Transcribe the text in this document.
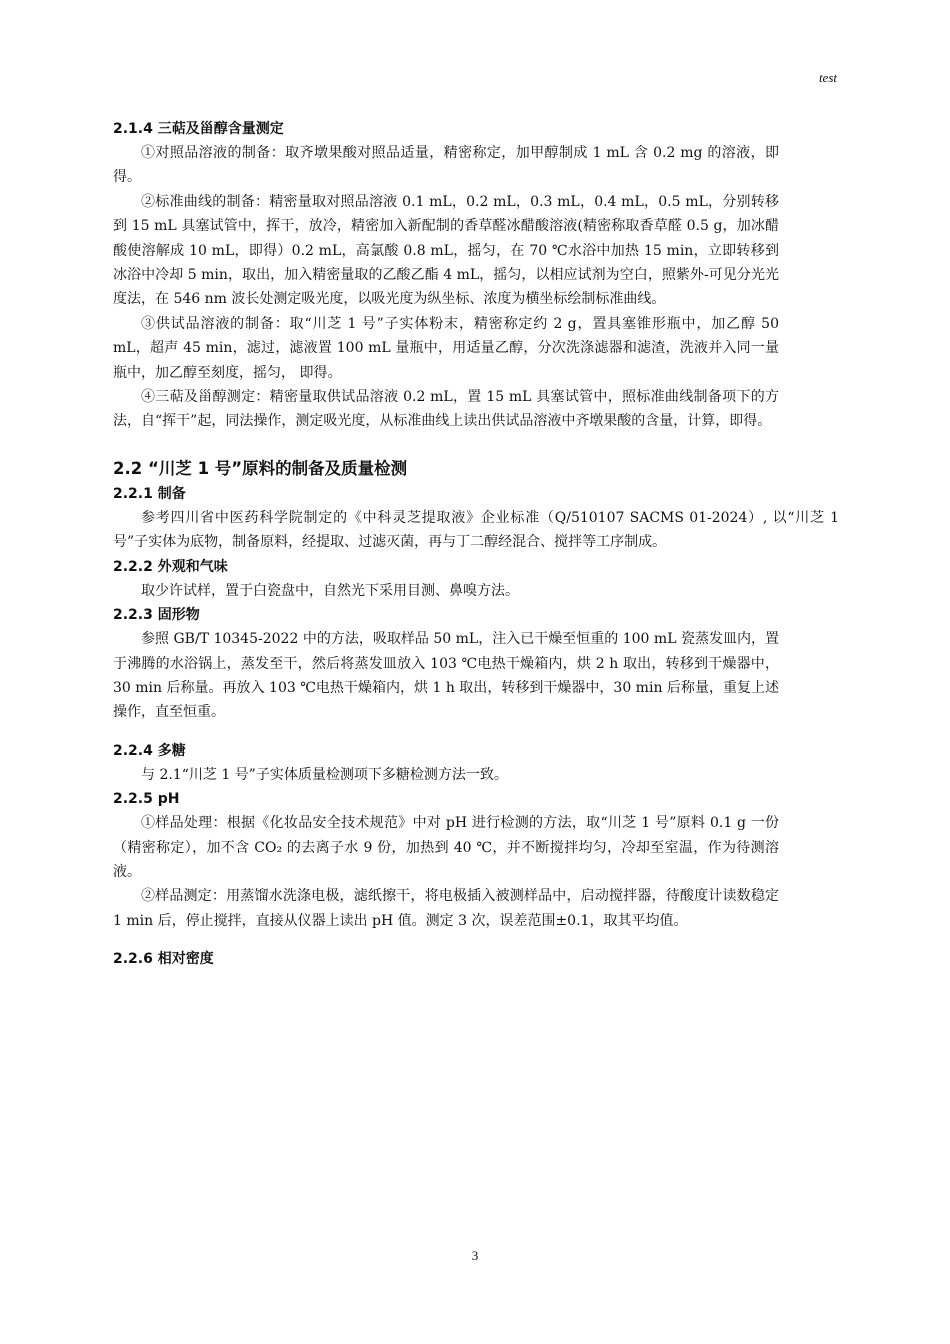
test
2.1.4 三萜及甾醇含量测定

①对照品溶液的制备：取齐墩果酸对照品适量，精密称定，加甲醇制成 1 mL 含 0.2 mg 的溶液，即得。

②标准曲线的制备：精密量取对照品溶液 0.1 mL，0.2 mL，0.3 mL，0.4 mL，0.5 mL，分别转移到 15 mL 具塞试管中，挥干，放冷，精密加入新配制的香草醛冰醋酸溶液(精密称取香草醛 0.5 g，加冰醋酸使溶解成 10 mL，即得）0.2 mL，高氯酸 0.8 mL，摇匀，在 70 ℃水浴中加热 15 min，立即转移到冰浴中冷却 5 min，取出，加入精密量取的乙酸乙酯 4 mL，摇匀，以相应试剂为空白，照紫外-可见分光光度法，在 546 nm 波长处测定吸光度，以吸光度为纵坐标、浓度为横坐标绘制标准曲线。

③供试品溶液的制备：取“川芝 1 号”子实体粉末，精密称定约 2 g，置具塞锥形瓶中，加乙醇 50 mL，超声 45 min，滤过，滤液置 100 mL 量瓶中，用适量乙醇，分次洗涤滤器和滤渣，洗液并入同一量瓶中，加乙醇至刻度，摇匀， 即得。

④三萜及甾醇测定：精密量取供试品溶液 0.2 mL，置 15 mL 具塞试管中，照标准曲线制备项下的方法，自“挥干”起，同法操作，测定吸光度，从标准曲线上读出供试品溶液中齐墩果酸的含量，计算，即得。

2.2 “川芝 1 号”原料的制备及质量检测
2.2.1 制备

参考四川省中医药科学院制定的《中科灵芝提取液》企业标准（Q/510107 SACMS 01-2024）, 以“川芝 1 号”子实体为底物，制备原料，经提取、过滤灭菌，再与丁二醇经混合、搅拌等工序制成。

2.2.2 外观和气味

取少许试样，置于白瓷盘中，自然光下采用目测、鼻嗅方法。

2.2.3 固形物

参照 GB/T 10345-2022 中的方法，吸取样品 50 mL，注入已干燥至恒重的 100 mL 瓷蒸发皿内，置于沸腾的水浴锅上，蒸发至干，然后将蒸发皿放入 103 ℃电热干燥箱内，烘 2 h 取出，转移到干燥器中，30 min 后称量。再放入 103 ℃电热干燥箱内，烘 1 h 取出，转移到干燥器中，30 min 后称量，重复上述操作，直至恒重。

2.2.4 多糖

与 2.1“川芝 1 号”子实体质量检测项下多糖检测方法一致。

2.2.5 pH

①样品处理：根据《化妆品安全技术规范》中对 pH 进行检测的方法，取“川芝 1 号”原料 0.1 g 一份（精密称定），加不含 CO₂ 的去离子水 9 份，加热到 40 ℃，并不断搅拌均匀，冷却至室温，作为待测溶液。

②样品测定：用蒸馏水洗涤电极，滤纸擦干，将电极插入被测样品中，启动搅拌器，待酸度计读数稳定 1 min 后，停止搅拌，直接从仪器上读出 pH 值。测定 3 次，误差范围±0.1，取其平均值。

2.2.6 相对密度
3
